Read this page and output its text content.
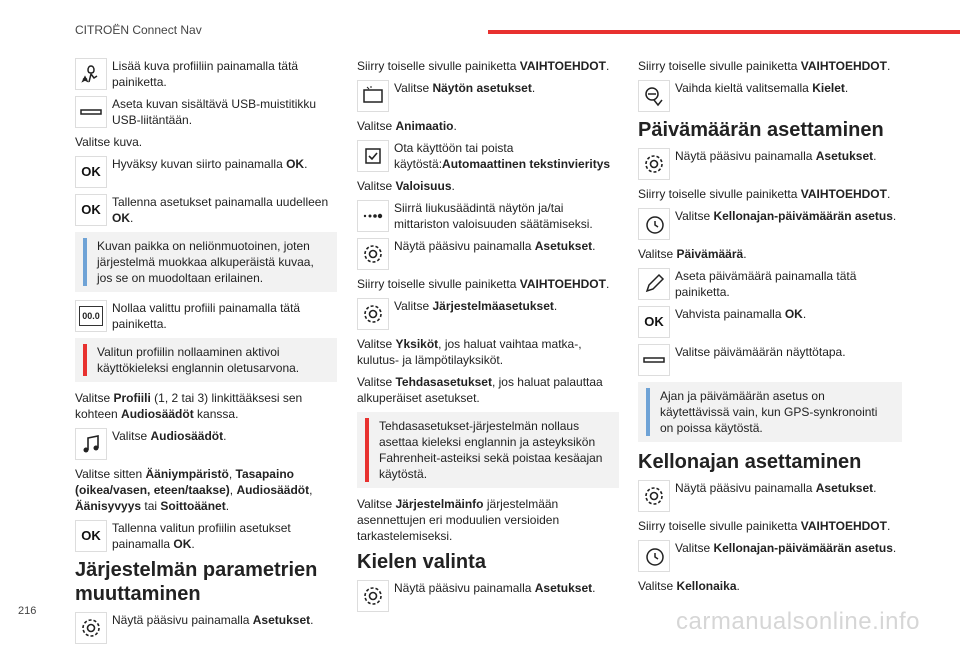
CITROËN Connect Nav
Lisää kuva profiiliin painamalla tätä painiketta.
Aseta kuvan sisältävä USB-muistitikku USB-liitäntään.

Valitse kuva.

OK Hyväksy kuvan siirto painamalla OK.
OK Tallenna asetukset painamalla uudelleen OK.
Kuvan paikka on neliönmuotoinen, joten järjestelmä muokkaa alkuperäistä kuvaa, jos se on muodoltaan erilainen.
00.0
Nollaa valittu profiili painamalla tätä painiketta.
Valitun profiilin nollaaminen aktivoi käyttökieleksi englannin oletusarvona.

Valitse Profiili (1, 2 tai 3) linkittääksesi sen kohteen Audiosäädöt kanssa.

Valitse Audiosäädöt.

Valitse sitten Ääniympäristö, Tasapaino (oikea/vasen, eteen/taakse), Audiosäädöt, Äänisyvyys tai Soittoäänet.

OK Tallenna valitun profiilin asetukset painamalla OK.
Järjestelmän parametrien muuttaminen
Näytä pääsivu painamalla Asetukset.

Siirry toiselle sivulle painiketta VAIHTOEHDOT.

Valitse Näytön asetukset.

Valitse Animaatio.

Ota käyttöön tai poista käytöstä:Automaattinen tekstinvieritys

Valitse Valoisuus.

Siirrä liukusäädintä näytön ja/tai mittariston valoisuuden säätämiseksi.
Näytä pääsivu painamalla Asetukset.

Siirry toiselle sivulle painiketta VAIHTOEHDOT.

Valitse Järjestelmäasetukset.

Valitse Yksiköt, jos haluat vaihtaa matka-, kulutus- ja lämpötilayksiköt.

Valitse Tehdasasetukset, jos haluat palauttaa alkuperäiset asetukset.

Tehdasasetukset-järjestelmän nollaus asettaa kieleksi englannin ja asteyksikön Fahrenheit-asteiksi sekä poistaa kesäajan käytöstä.

Valitse Järjestelmäinfo järjestelmään asennettujen eri moduulien versioiden tarkastelemiseksi.

Kielen valinta
Näytä pääsivu painamalla Asetukset.

Siirry toiselle sivulle painiketta VAIHTOEHDOT.

Vaihda kieltä valitsemalla Kielet.
Päivämäärän asettaminen
Näytä pääsivu painamalla Asetukset.

Siirry toiselle sivulle painiketta VAIHTOEHDOT.

Valitse Kellonajan-päivämäärän asetus.

Valitse Päivämäärä.

Aseta päivämäärä painamalla tätä painiketta.
OK Vahvista painamalla OK.
Valitse päivämäärän näyttötapa.
Ajan ja päivämäärän asetus on käytettävissä vain, kun GPS-synkronointi on poissa käytöstä.
Kellonajan asettaminen
Näytä pääsivu painamalla Asetukset.

Siirry toiselle sivulle painiketta VAIHTOEHDOT.

Valitse Kellonajan-päivämäärän asetus.

Valitse Kellonaika.

216	carmanualsonline.info
